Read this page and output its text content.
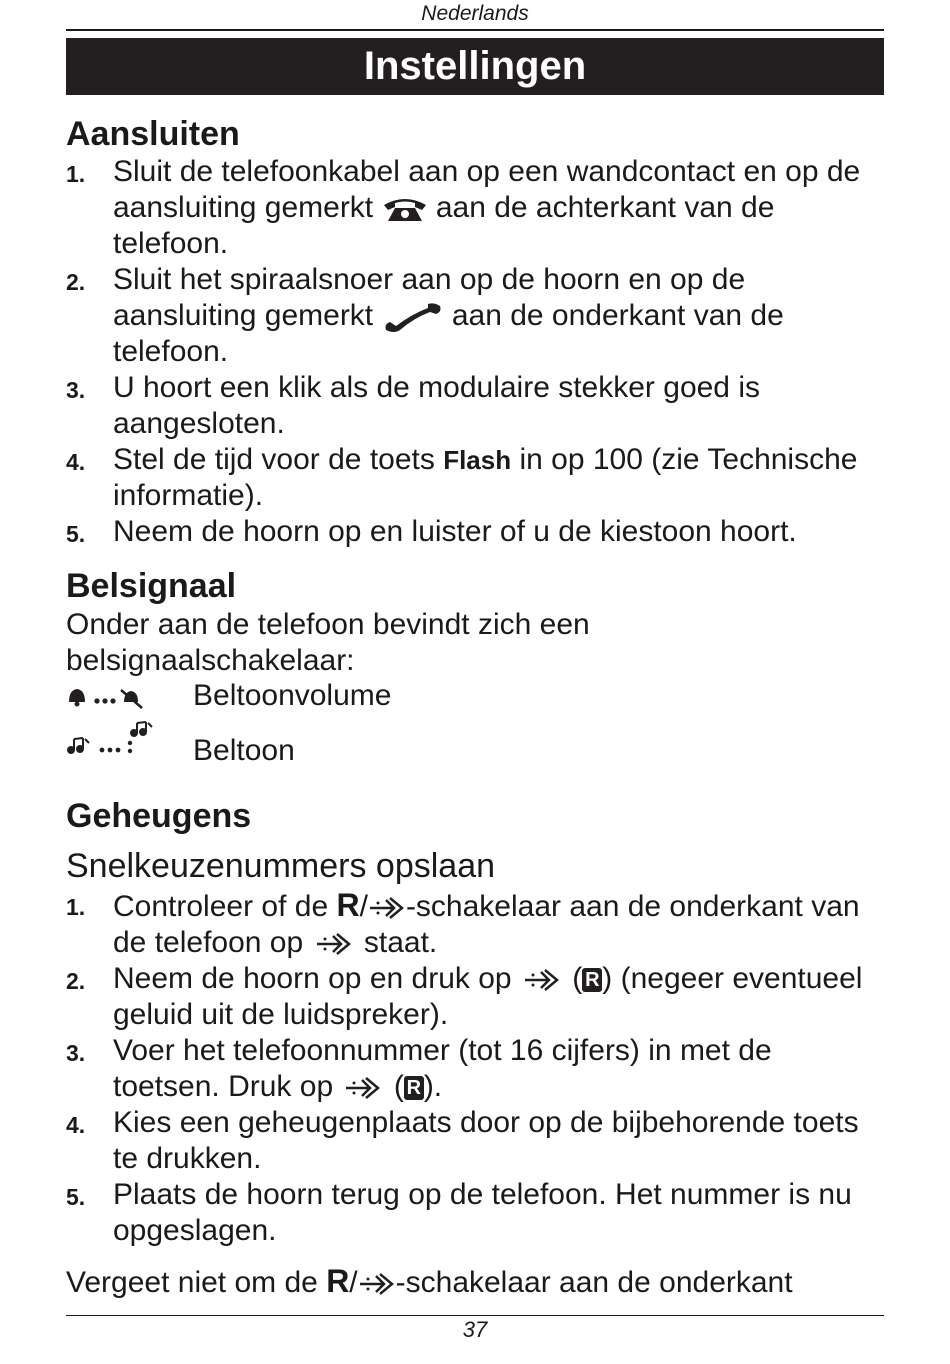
Nederlands
Instellingen
Aansluiten
1. Sluit de telefoonkabel aan op een wandcontact en op de aansluiting gemerkt aan de achterkant van de telefoon.
2. Sluit het spiraalsnoer aan op de hoorn en op de aansluiting gemerkt	aan de onderkant van de telefoon.
3. U hoort een klik als de modulaire stekker goed is aangesloten.
4. Stel de tijd voor de toets Flash in op 100 (zie Technische informatie).
5. Neem de hoorn op en luister of u de kiestoon hoort.
Belsignaal

Onder aan de telefoon bevindt zich een belsignaalschakelaar:

Beltoonvolume
Beltoon
Geheugens
Snelkeuzenummers opslaan
1. Controleer of de R/ -schakelaar aan de onderkant van de telefoon op staat.
2. Neem de hoorn op en druk op ( R) (negeer eventueel geluid uit de luidspreker).
3. Voer het telefoonnummer (tot 16 cijfers) in met de toetsen. Druk op ( R).
4. Kies een geheugenplaats door op de bijbehorende toets te drukken.
5. Plaats de hoorn terug op de telefoon. Het nummer is nu opgeslagen.

Vergeet niet om de R/ -schakelaar aan de onderkant

37
